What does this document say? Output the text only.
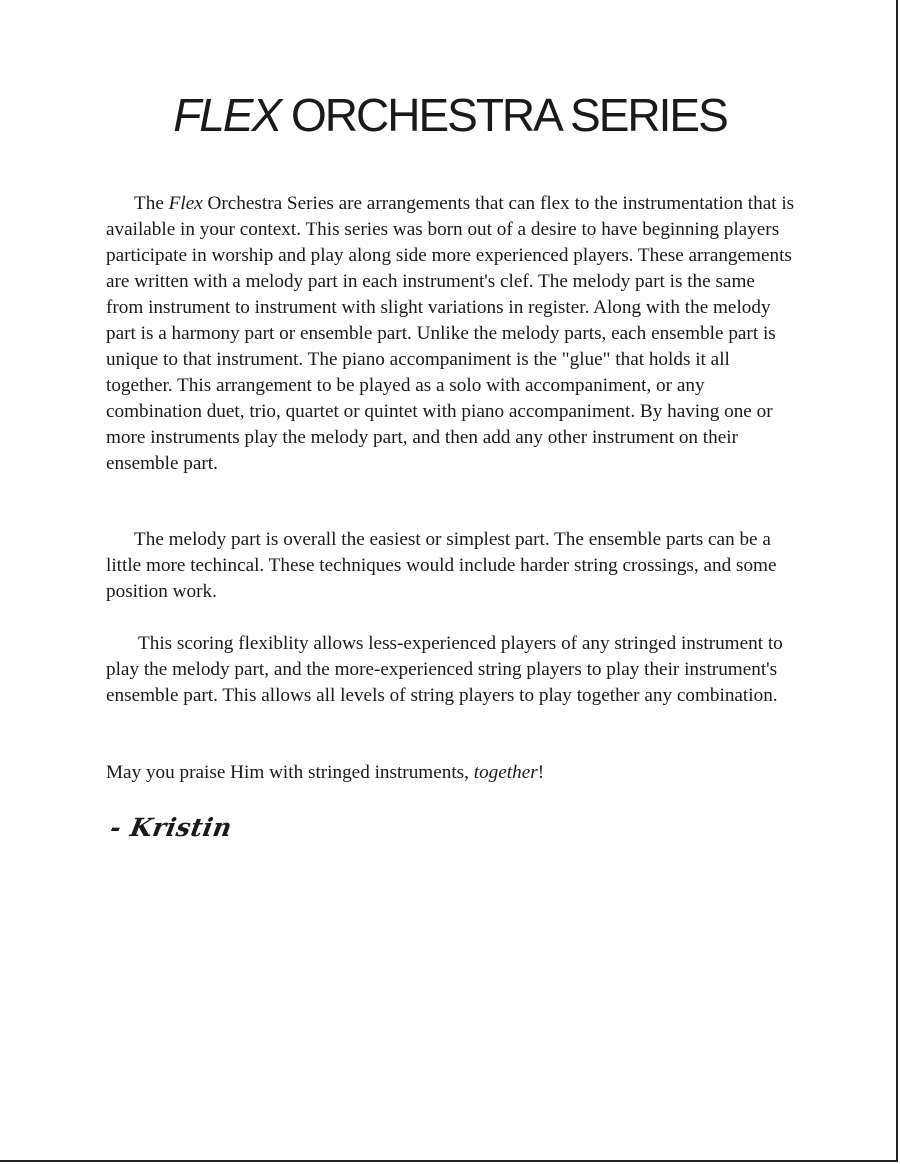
FLEX ORCHESTRA SERIES

The Flex Orchestra Series are arrangements that can flex to the instrumentation that is available in your context. This series was born out of a desire to have beginning players participate in worship and play along side more experienced players. These arrangements are written with a melody part in each instrument's clef. The melody part is the same from instrument to instrument with slight variations in register. Along with the melody part is a harmony part or ensemble part. Unlike the melody parts, each ensemble part is unique to that instrument. The piano accompaniment is the "glue" that holds it all together. This arrangement to be played as a solo with accompaniment, or any combination duet, trio, quartet or quintet with piano accompaniment. By having one or more instruments play the melody part, and then add any other instrument on their ensemble part.

The melody part is overall the easiest or simplest part. The ensemble parts can be a little more techincal. These techniques would include harder string crossings, and some position work.

This scoring flexiblity allows less-experienced players of any stringed instrument to play the melody part, and the more-experienced string players to play their instrument's ensemble part. This allows all levels of string players to play together any combination.

May you praise Him with stringed instruments, together!

- Kristin
